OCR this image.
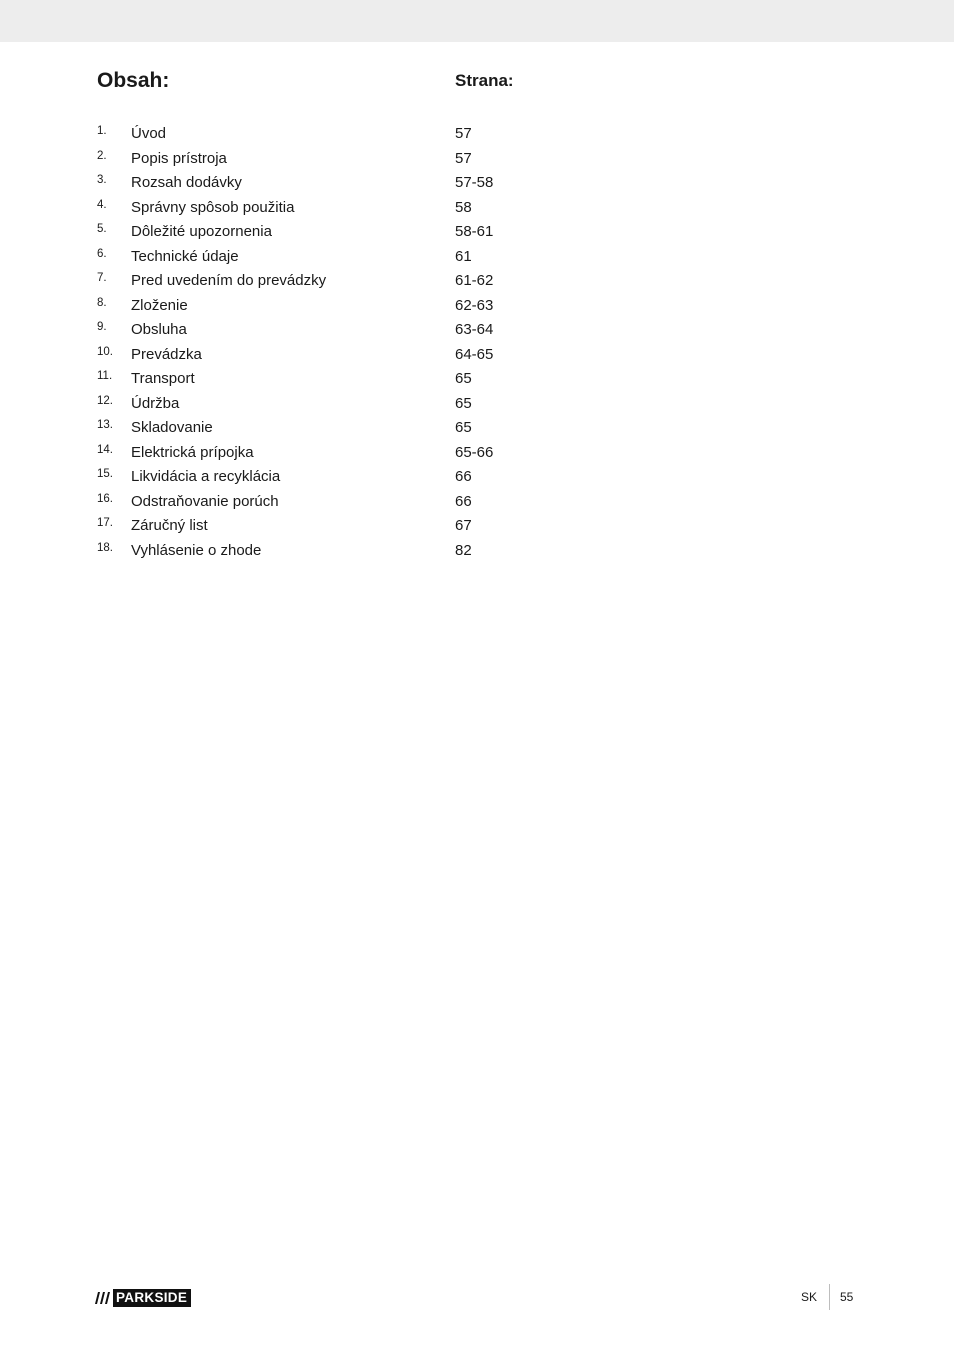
Obsah:	Strana:
1. Úvod	57
2. Popis prístroja	57
3. Rozsah dodávky	57-58
4. Správny spôsob použitia	58
5. Dôležité upozornenia	58-61
6. Technické údaje	61
7. Pred uvedením do prevádzky	61-62
8. Zloženie	62-63
9. Obsluha	63-64
10. Prevádzka	64-65
11. Transport	65
12. Údržba	65
13. Skladovanie	65
14. Elektrická prípojka	65-66
15. Likvidácia a recyklácia	66
16. Odstraňovanie porúch	66
17. Záručný list	67
18. Vyhlásenie o zhode	82
PARKSIDE	SK 55
